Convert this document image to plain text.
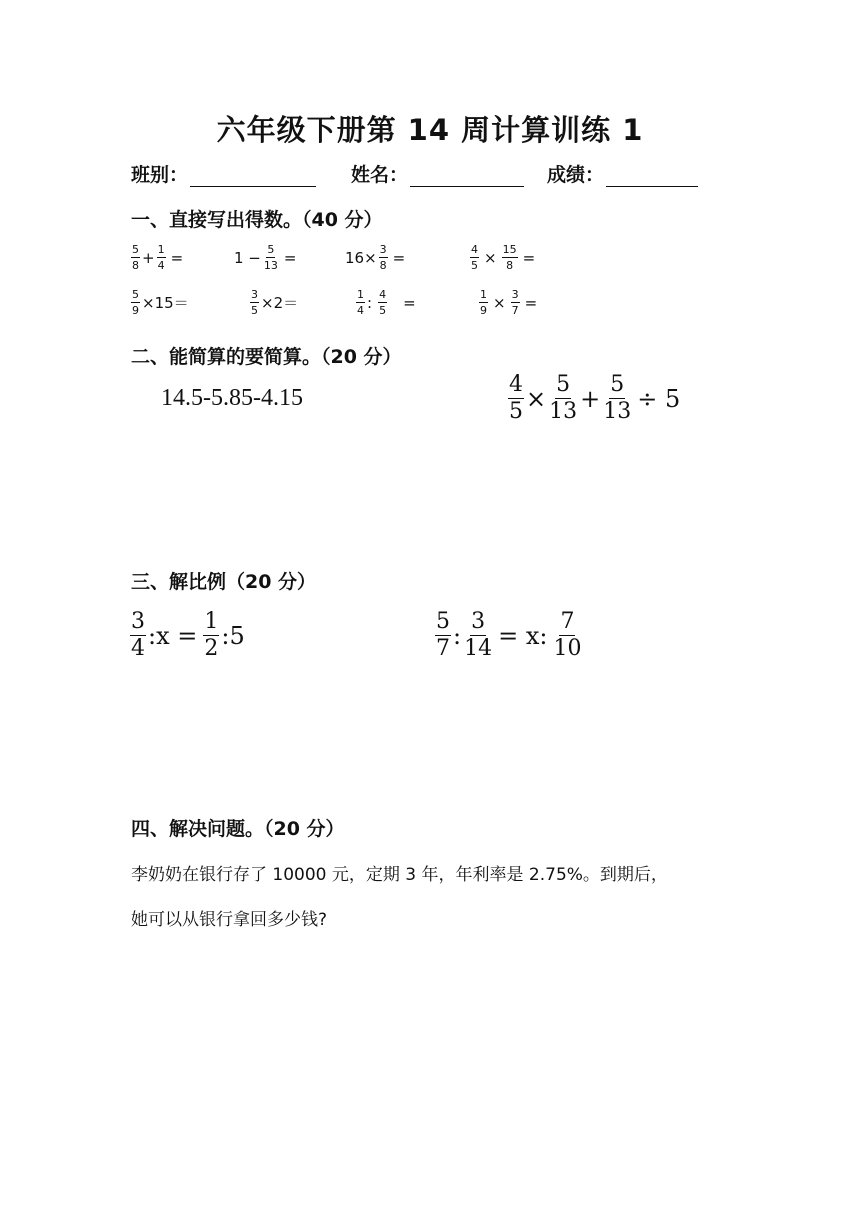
六年级下册第 14 周计算训练 1
班别：	姓名：	成绩：
一、直接写出得数。（40 分）
$\frac{5}{8} + \frac{1}{4}$ =	$1 - \frac{5}{13}$ =	$16\times \frac{3}{8}$ =	$\frac{4}{5} \times \frac{15}{8}$ =
$\frac{5}{9} \times 15=$	$\frac{3}{5} \times 2=$	$\frac{1}{4}$ : $\frac{4}{5}$ =	$\frac{1}{9} \times \frac{3}{7}$ =
二、能简算的要简算。（20 分）
14.5-5.85-4.15	$\frac{4}{5} \times \frac{5}{13} + \frac{5}{13} \div 5$
三、解比例（20 分）
$\frac{3}{4}$ :x = $\frac{1}{2}$ :5	$\frac{5}{7}$ : $\frac{3}{14} = x$: $\frac{7}{10}$
四、解决问题。（20 分）
李奶奶在银行存了 10000 元，定期 3 年，年利率是 2.75%。到期后，
她可以从银行拿回多少钱?
